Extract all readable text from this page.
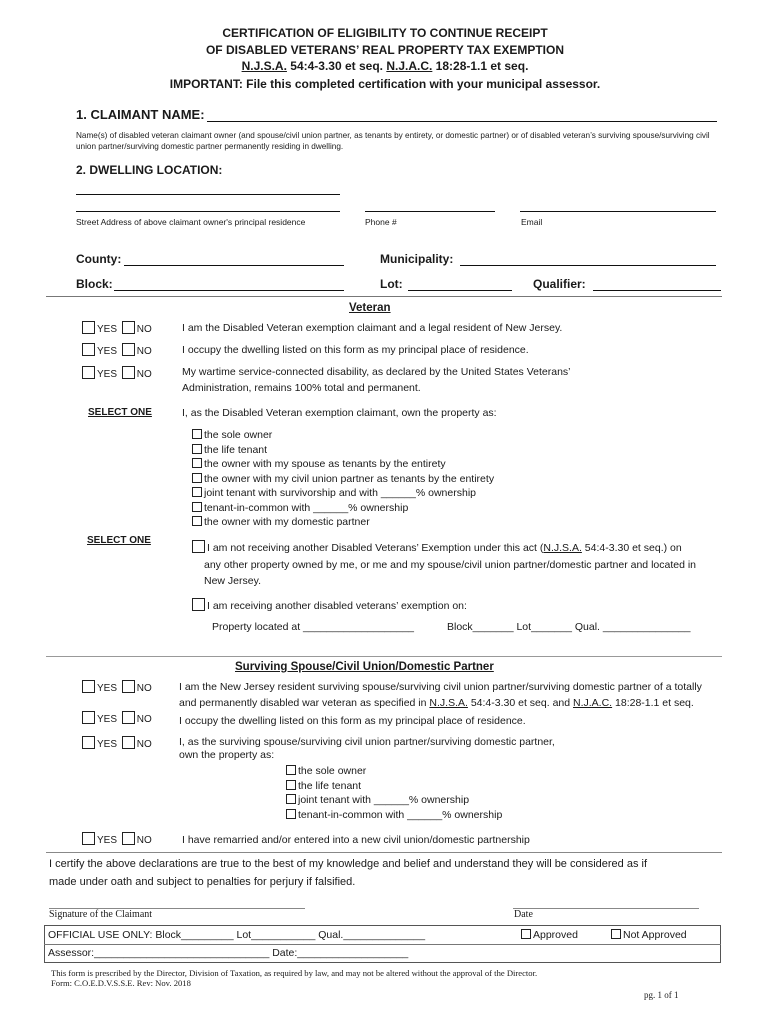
CERTIFICATION OF ELIGIBILITY TO CONTINUE RECEIPT
OF DISABLED VETERANS’ REAL PROPERTY TAX EXEMPTION
N.J.S.A. 54:4-3.30 et seq. N.J.A.C. 18:28-1.1 et seq.
IMPORTANT: File this completed certification with your municipal assessor.
1. CLAIMANT NAME:
Name(s) of disabled veteran claimant owner (and spouse/civil union partner, as tenants by entirety, or domestic partner) or of disabled veteran’s surviving spouse/surviving civil union partner/surviving domestic partner permanently residing in dwelling.
2. DWELLING LOCATION:
Street Address of above claimant owner's principal residence	Phone #	Email
County:	Municipality:
Block:	Lot:	Qualifier:
Veteran
YES NO	I am the Disabled Veteran exemption claimant and a legal resident of New Jersey.
YES NO	I occupy the dwelling listed on this form as my principal place of residence.
YES NO	My wartime service-connected disability, as declared by the United States Veterans’
Administration, remains 100% total and permanent.
SELECT ONE	I, as the Disabled Veteran exemption claimant, own the property as:
the sole owner
the life tenant
the owner with my spouse as tenants by the entirety
the owner with my civil union partner as tenants by the entirety
joint tenant with survivorship and with ______% ownership
tenant-in-common with ______% ownership
the owner with my domestic partner
SELECT ONE
I am not receiving another Disabled Veterans’ Exemption under this act (N.J.S.A. 54:4-3.30 et seq.) on
any other property owned by me, or me and my spouse/civil union partner/domestic partner and located in
New Jersey.
I am receiving another disabled veterans’ exemption on:
Property located at ___________________	Block_______ Lot_______ Qual. _______________
Surviving Spouse/Civil Union/Domestic Partner
YES NO	I am the New Jersey resident surviving spouse/surviving civil union partner/surviving domestic partner of a totally
and permanently disabled war veteran as specified in N.J.S.A. 54:4-3.30 et seq. and N.J.A.C. 18:28-1.1 et seq.
YES NO	I occupy the dwelling listed on this form as my principal place of residence.
YES NO	I, as the surviving spouse/surviving civil union partner/surviving domestic partner,
own the property as:
the sole owner
the life tenant
joint tenant with ______% ownership
tenant-in-common with ______% ownership
YES NO	I have remarried and/or entered into a new civil union/domestic partnership
I certify the above declarations are true to the best of my knowledge and belief and understand they will be considered as if
made under oath and subject to penalties for perjury if falsified.
Signature of the Claimant	Date
OFFICIAL USE ONLY: Block_________ Lot___________ Qual.______________	Approved	Not Approved
Assessor:______________________________ Date:___________________
This form is prescribed by the Director, Division of Taxation, as required by law, and may not be altered without the approval of the Director.
Form: C.O.E.D.V.S.S.E. Rev: Nov. 2018
pg. 1 of 1
